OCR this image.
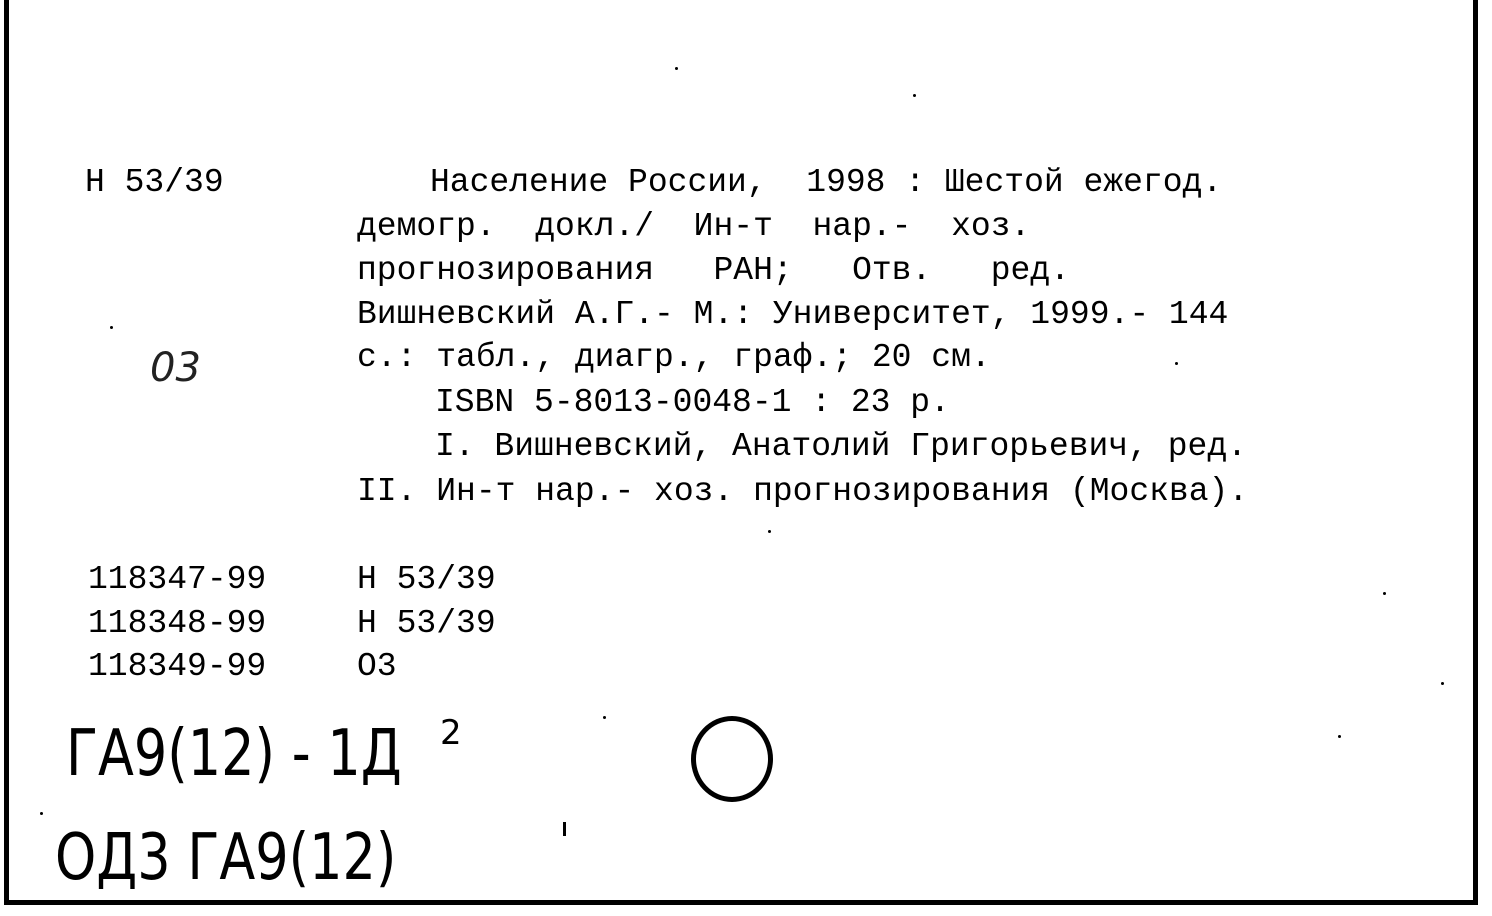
Н 53/39
03
Население России,  1998 : Шестой ежегод.
демогр.  докл./  Ин-т  нар.-  хоз.
прогнозирования   РАН;   Отв.   ред.
Вишневский А.Г.- М.: Университет, 1999.- 144
с.: табл., диагр., граф.; 20 см.
ISBN 5-8013-0048-1 : 23 р.
I. Вишневский, Анатолий Григорьевич, ред.
II. Ин-т нар.- хоз. прогнозирования (Москва).
118347-99	Н 53/39
118348-99	Н 53/39
118349-99	О3
ГА9(12) - 1Д 2
ОД3 ГА9(12)
